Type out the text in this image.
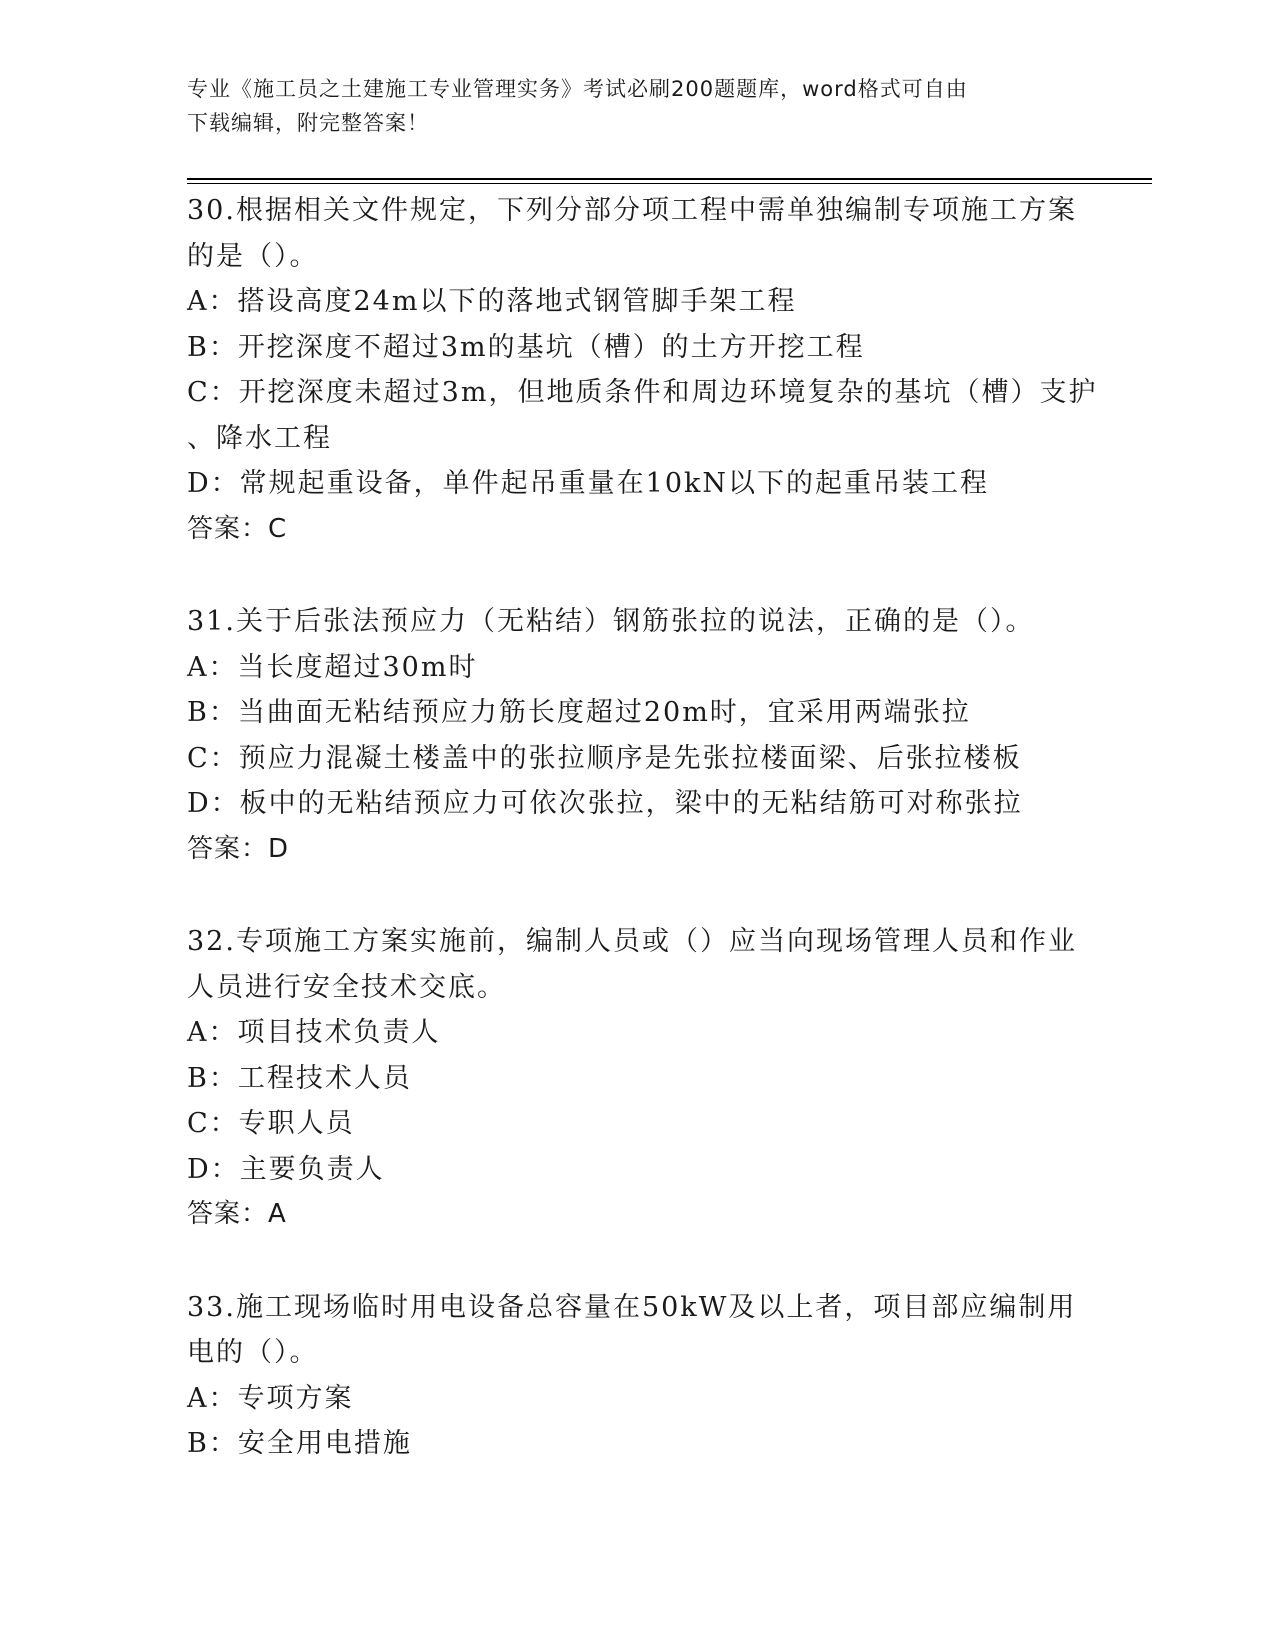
专业《施工员之土建施工专业管理实务》考试必刷200题题库，word格式可自由
下载编辑，附完整答案！

30.根据相关文件规定，下列分部分项工程中需单独编制专项施工方案

的是（）。

A：搭设高度24m以下的落地式钢管脚手架工程

B：开挖深度不超过3m的基坑（槽）的土方开挖工程

C：开挖深度未超过3m，但地质条件和周边环境复杂的基坑（槽）支护

、降水工程

D：常规起重设备，单件起吊重量在10kN以下的起重吊装工程

答案：C

31.关于后张法预应力（无粘结）钢筋张拉的说法，正确的是（）。

A：当长度超过30m时

B：当曲面无粘结预应力筋长度超过20m时，宜采用两端张拉

C：预应力混凝土楼盖中的张拉顺序是先张拉楼面梁、后张拉楼板

D：板中的无粘结预应力可依次张拉，梁中的无粘结筋可对称张拉

答案：D

32.专项施工方案实施前，编制人员或（）应当向现场管理人员和作业

人员进行安全技术交底。

A：项目技术负责人

B：工程技术人员

C：专职人员

D：主要负责人

答案：A

33.施工现场临时用电设备总容量在50kW及以上者，项目部应编制用

电的（）。

A：专项方案

B：安全用电措施
